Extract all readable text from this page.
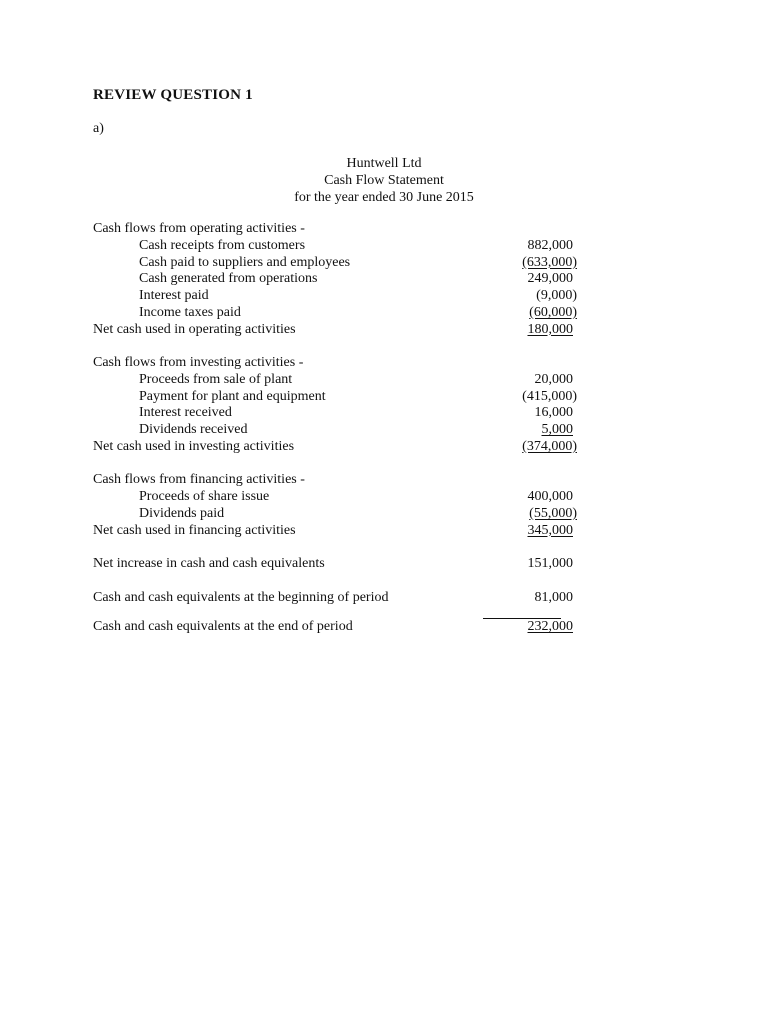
REVIEW QUESTION 1
a)
Huntwell Ltd
Cash Flow Statement
for the year ended 30 June 2015
Cash flows from operating activities -
Cash receipts from customers	882,000
Cash paid to suppliers and employees	(633,000)
Cash generated from operations	249,000
Interest paid	(9,000)
Income taxes paid	(60,000)
Net cash used in operating activities	180,000
Cash flows from investing activities -
Proceeds from sale of plant	20,000
Payment for plant and equipment	(415,000)
Interest received	16,000
Dividends received	5,000
Net cash used in investing activities	(374,000)
Cash flows from financing activities -
Proceeds of share issue	400,000
Dividends paid	(55,000)
Net cash used in financing activities	345,000
Net increase in cash and cash equivalents	151,000
Cash and cash equivalents at the beginning of period	81,000
Cash and cash equivalents at the end of period	232,000
